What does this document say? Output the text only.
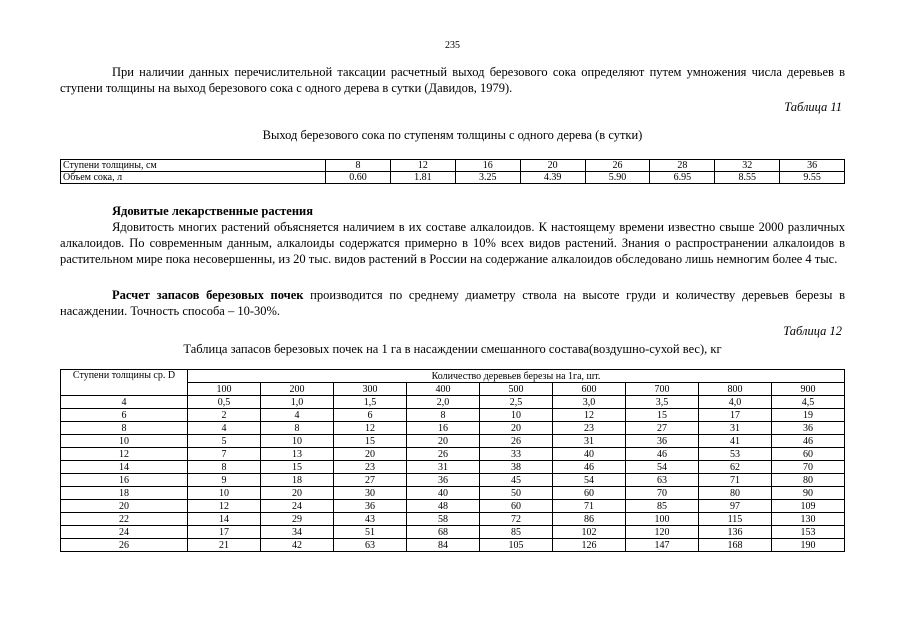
235
При наличии данных перечислительной таксации расчетный выход березового сока определяют путем умножения числа деревьев в ступени толщины на выход березового сока с одного дерева в сутки (Давидов, 1979).
Таблица 11
Выход березового сока по ступеням толщины с одного дерева (в сутки)
Ступени толщины, см	8	12	16	20	26	28	32	36
Объем сока, л	0.60	1.81	3.25	4.39	5.90	6.95	8.55	9.55
Ядовитые лекарственные растения
Ядовитость многих растений объясняется наличием в их составе алкалоидов. К настоящему времени известно свыше 2000 различных алкалоидов. По современным данным, алкалоиды содержатся примерно в 10% всех видов растений. Знания о распространении алкалоидов в растительном мире пока несовершенны, из 20 тыс. видов растений в России на содержание алкалоидов обследовано лишь немногим более 4 тыс.
Расчет запасов березовых почек производится по среднему диаметру ствола на высоте груди и количеству деревьев березы в насаждении. Точность способа – 10-30%.
Таблица 12
Таблица запасов березовых почек на 1 га в насаждении смешанного состава(воздушно-сухой вес), кг
Ступени толщины ср. D	Количество деревьев березы на 1га, шт.								
	100	200	300	400	500	600	700	800	900
4	0,5	1,0	1,5	2,0	2,5	3,0	3,5	4,0	4,5
6	2	4	6	8	10	12	15	17	19
8	4	8	12	16	20	23	27	31	36
10	5	10	15	20	26	31	36	41	46
12	7	13	20	26	33	40	46	53	60
14	8	15	23	31	38	46	54	62	70
16	9	18	27	36	45	54	63	71	80
18	10	20	30	40	50	60	70	80	90
20	12	24	36	48	60	71	85	97	109
22	14	29	43	58	72	86	100	115	130
24	17	34	51	68	85	102	120	136	153
26	21	42	63	84	105	126	147	168	190
